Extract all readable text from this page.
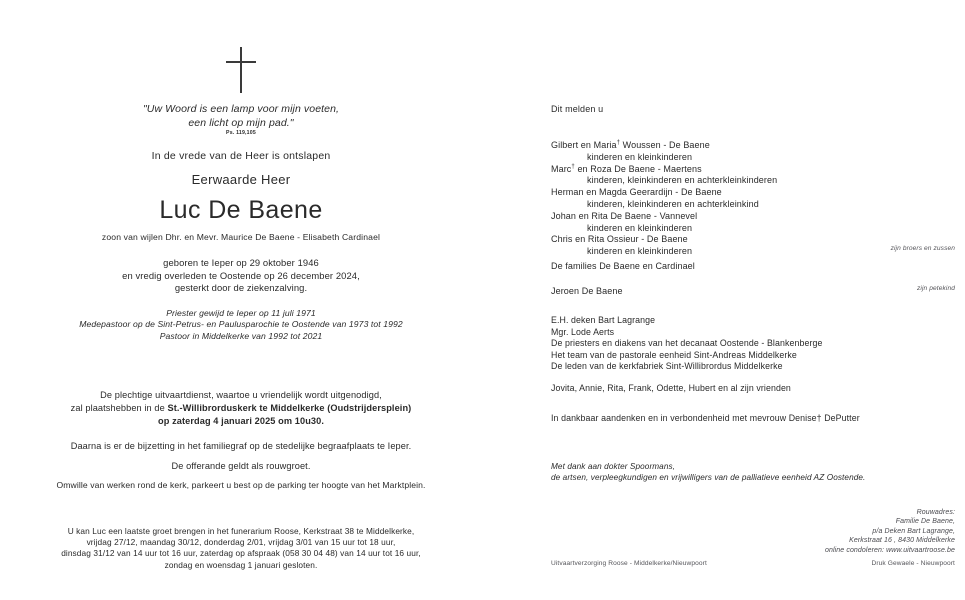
"Uw Woord is een lamp voor mijn voeten,
een licht op mijn pad."
Ps. 119,105
In de vrede van de Heer is ontslapen
Eerwaarde Heer
Luc De Baene
zoon van wijlen Dhr. en Mevr. Maurice De Baene - Elisabeth Cardinael
geboren te Ieper op 29 oktober 1946
en vredig overleden te Oostende op 26 december 2024,
gesterkt door de ziekenzalving.
Priester gewijd te Ieper op 11 juli 1971
Medepastoor op de Sint-Petrus- en Paulusparochie te Oostende van 1973 tot 1992
Pastoor in Middelkerke van 1992 tot 2021
De plechtige uitvaartdienst, waartoe u vriendelijk wordt uitgenodigd,
zal plaatshebben in de St.-Willibrorduskerk te Middelkerke (Oudstrijdersplein)
op zaterdag 4 januari 2025 om 10u30.
Daarna is er de bijzetting in het familiegraf op de stedelijke begraafplaats te Ieper.
De offerande geldt als rouwgroet.
Omwille van werken rond de kerk, parkeert u best op de parking ter hoogte van het Marktplein.
U kan Luc een laatste groet brengen in het funerarium Roose, Kerkstraat 38 te Middelkerke,
vrijdag 27/12, maandag 30/12, donderdag 2/01, vrijdag 3/01 van 15 uur tot 18 uur,
dinsdag 31/12 van 14 uur tot 16 uur, zaterdag op afspraak (058 30 04 48) van 14 uur tot 16 uur,
zondag en woensdag 1 januari gesloten.
Dit melden u
Gilbert en Maria† Woussen - De Baene
kinderen en kleinkinderen
Marc† en Roza De Baene - Maertens
kinderen, kleinkinderen en achterkleinkinderen
Herman en Magda Geerardijn - De Baene
kinderen, kleinkinderen en achterkleinkind
Johan en Rita De Baene - Vannevel
kinderen en kleinkinderen
Chris en Rita Ossieur - De Baene
kinderen en kleinkinderen	zijn broers en zussen
De families De Baene en Cardinael
Jeroen De Baene	zijn petekind
E.H. deken Bart Lagrange
Mgr. Lode Aerts
De priesters en diakens van het decanaat Oostende - Blankenberge
Het team van de pastorale eenheid Sint-Andreas Middelkerke
De leden van de kerkfabriek Sint-Willibrordus Middelkerke
Jovita, Annie, Rita, Frank, Odette, Hubert en al zijn vrienden
In dankbaar aandenken en in verbondenheid met mevrouw Denise† DePutter
Met dank aan dokter Spoormans,
de artsen, verpleegkundigen en vrijwilligers van de palliatieve eenheid AZ Oostende.
Rouwadres:
Familie De Baene,
p/a Deken Bart Lagrange,
Kerkstraat 16 , 8430 Middelkerke
online condoleren: www.uitvaartroose.be
Uitvaartverzorging Roose - Middelkerke/Nieuwpoort	Druk Gewaele - Nieuwpoort
